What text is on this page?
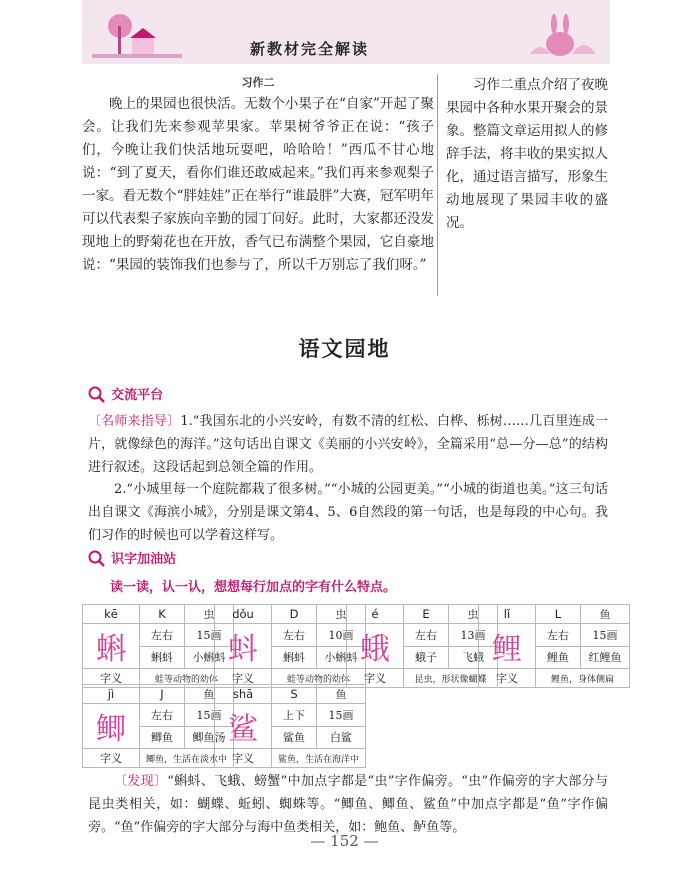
新教材完全解读
习作二

晚上的果园也很快活。无数个小果子在“自家”开起了聚会。让我们先来参观苹果家。苹果树爷爷正在说：“孩子们，今晚让我们快活地玩耍吧，哈哈哈！”西瓜不甘心地说：“到了夏天，看你们谁还敢威起来。”我们再来参观梨子一家。看无数个“胖娃娃”正在举行“谁最胖”大赛，冠军明年可以代表梨子家族向辛勤的园丁问好。此时，大家都还没发现地上的野菊花也在开放，香气已布满整个果园，它自豪地说：“果园的装饰我们也参与了，所以千万别忘了我们呀。”

习作二重点介绍了夜晚果园中各种水果开聚会的景象。整篇文章运用拟人的修辞手法，将丰收的果实拟人化，通过语言描写，形象生动地展现了果园丰收的盛况。

语文园地
交流平台

〔名师来指导〕1.“我国东北的小兴安岭，有数不清的红松、白桦、栎树……几百里连成一片，就像绿色的海洋。”这句话出自课文《美丽的小兴安岭》，全篇采用“总—分—总”的结构进行叙述。这段话起到总领全篇的作用。

2.“小城里每一个庭院都栽了很多树。”“小城的公园更美。”“小城的街道也美。”这三句话出自课文《海滨小城》，分别是课文第4、5、6自然段的第一句话，也是每段的中心句。我们习作的时候也可以学着这样写。

识字加油站
读一读，认一认，想想每行加点的字有什么特点。
kē	K	虫
蝌	左右	15画
	蝌蚪	小蝌蚪
字义	蛙等动物的幼体	
dǒu	D	虫
蚪	左右	10画
	蝌蚪	小蝌蚪
字义	蛙等动物的幼体	
é	E	虫
蛾	左右	13画
	蛾子	飞蛾
字义	昆虫，形状像蝴蝶	
lǐ	L	鱼
鲤	左右	15画
	鲤鱼	红鲤鱼
字义	鲤鱼，身体侧扁	
jì	J	鱼
鲫	左右	15画
	鲫鱼	鲫鱼汤
字义	鲫鱼，生活在淡水中	
shā	S	鱼
鲨	上下	15画
	鲨鱼	白鲨
字义	鲨鱼，生活在海洋中	

〔发现〕“蝌蚪、飞蛾、螃蟹”中加点字都是“虫”字作偏旁。“虫”作偏旁的字大部分与昆虫类相关，如：蝴蝶、蚯蚓、蜘蛛等。“鲫鱼、鲫鱼、鲨鱼”中加点字都是“鱼”字作偏旁。“鱼”作偏旁的字大部分与海中鱼类相关，如：鲍鱼、鲈鱼等。

— 152 —
